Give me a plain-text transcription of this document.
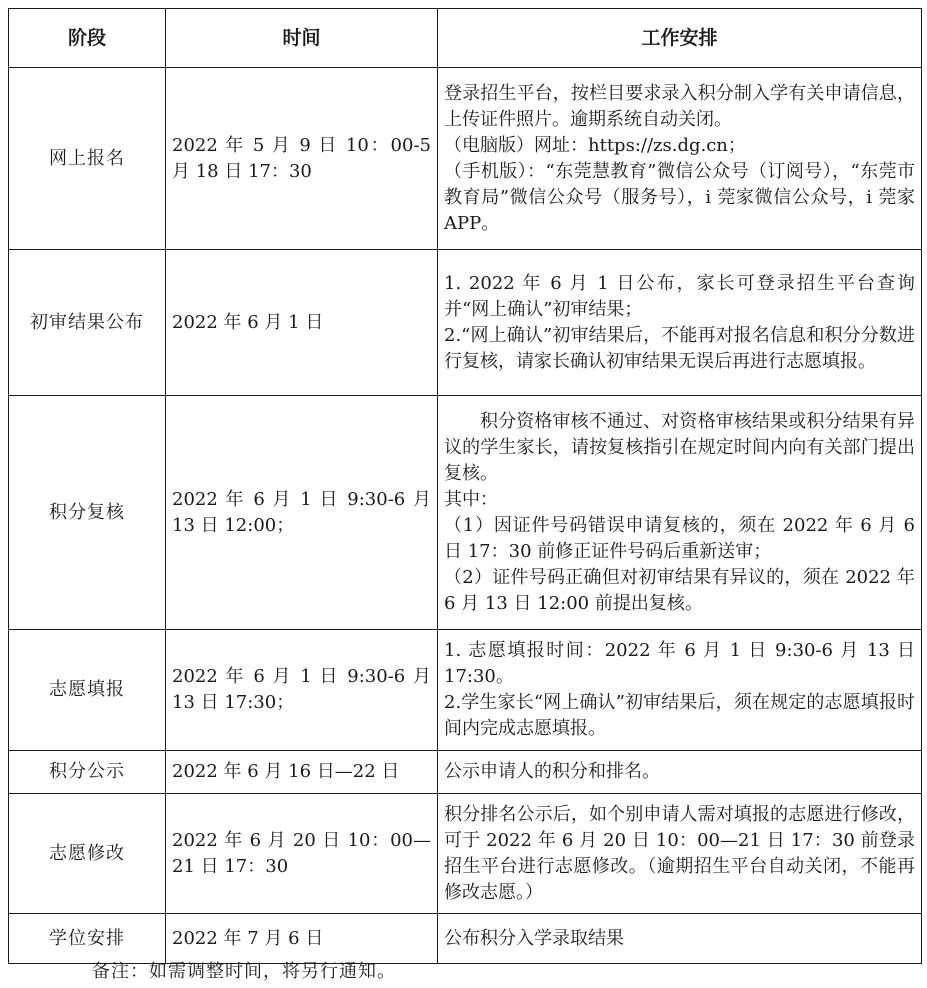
阶段	时间	工作安排
网上报名	2022 年 5 月 9 日 10：00-5 月 18 日 17：30	登录招生平台，按栏目要求录入积分制入学有关申请信息，上传证件照片。逾期系统自动关闭。

（电脑版）网址：https://zs.dg.cn；

（手机版）：“东莞慧教育”微信公众号（订阅号），“东莞市教育局”微信公众号（服务号），i 莞家微信公众号，i 莞家 APP。

初审结果公布	2022 年 6 月 1 日	1. 2022 年 6 月 1 日公布，家长可登录招生平台查询并“网上确认”初审结果；

2.“网上确认”初审结果后，不能再对报名信息和积分分数进行复核，请家长确认初审结果无误后再进行志愿填报。

积分复核	2022 年 6 月 1 日 9:30-6 月 13 日 12:00；	积分资格审核不通过、对资格审核结果或积分结果有异议的学生家长，请按复核指引在规定时间内向有关部门提出复核。

其中：

（1）因证件号码错误申请复核的，须在 2022 年 6 月 6 日 17：30 前修正证件号码后重新送审；

（2）证件号码正确但对初审结果有异议的，须在 2022 年 6 月 13 日 12:00 前提出复核。

志愿填报	2022 年 6 月 1 日 9:30-6 月 13 日 17:30；	1. 志愿填报时间：2022 年 6 月 1 日 9:30-6 月 13 日 17:30。

2.学生家长“网上确认”初审结果后，须在规定的志愿填报时间内完成志愿填报。

积分公示	2022 年 6 月 16 日—22 日	公示申请人的积分和排名。

志愿修改	2022 年 6 月 20 日 10：00—21 日 17：30	积分排名公示后，如个别申请人需对填报的志愿进行修改，可于 2022 年 6 月 20 日 10：00—21 日 17：30 前登录招生平台进行志愿修改。（逾期招生平台自动关闭，不能再修改志愿。）

学位安排	2022 年 7 月 6 日	公布积分入学录取结果

备注：如需调整时间，将另行通知。
